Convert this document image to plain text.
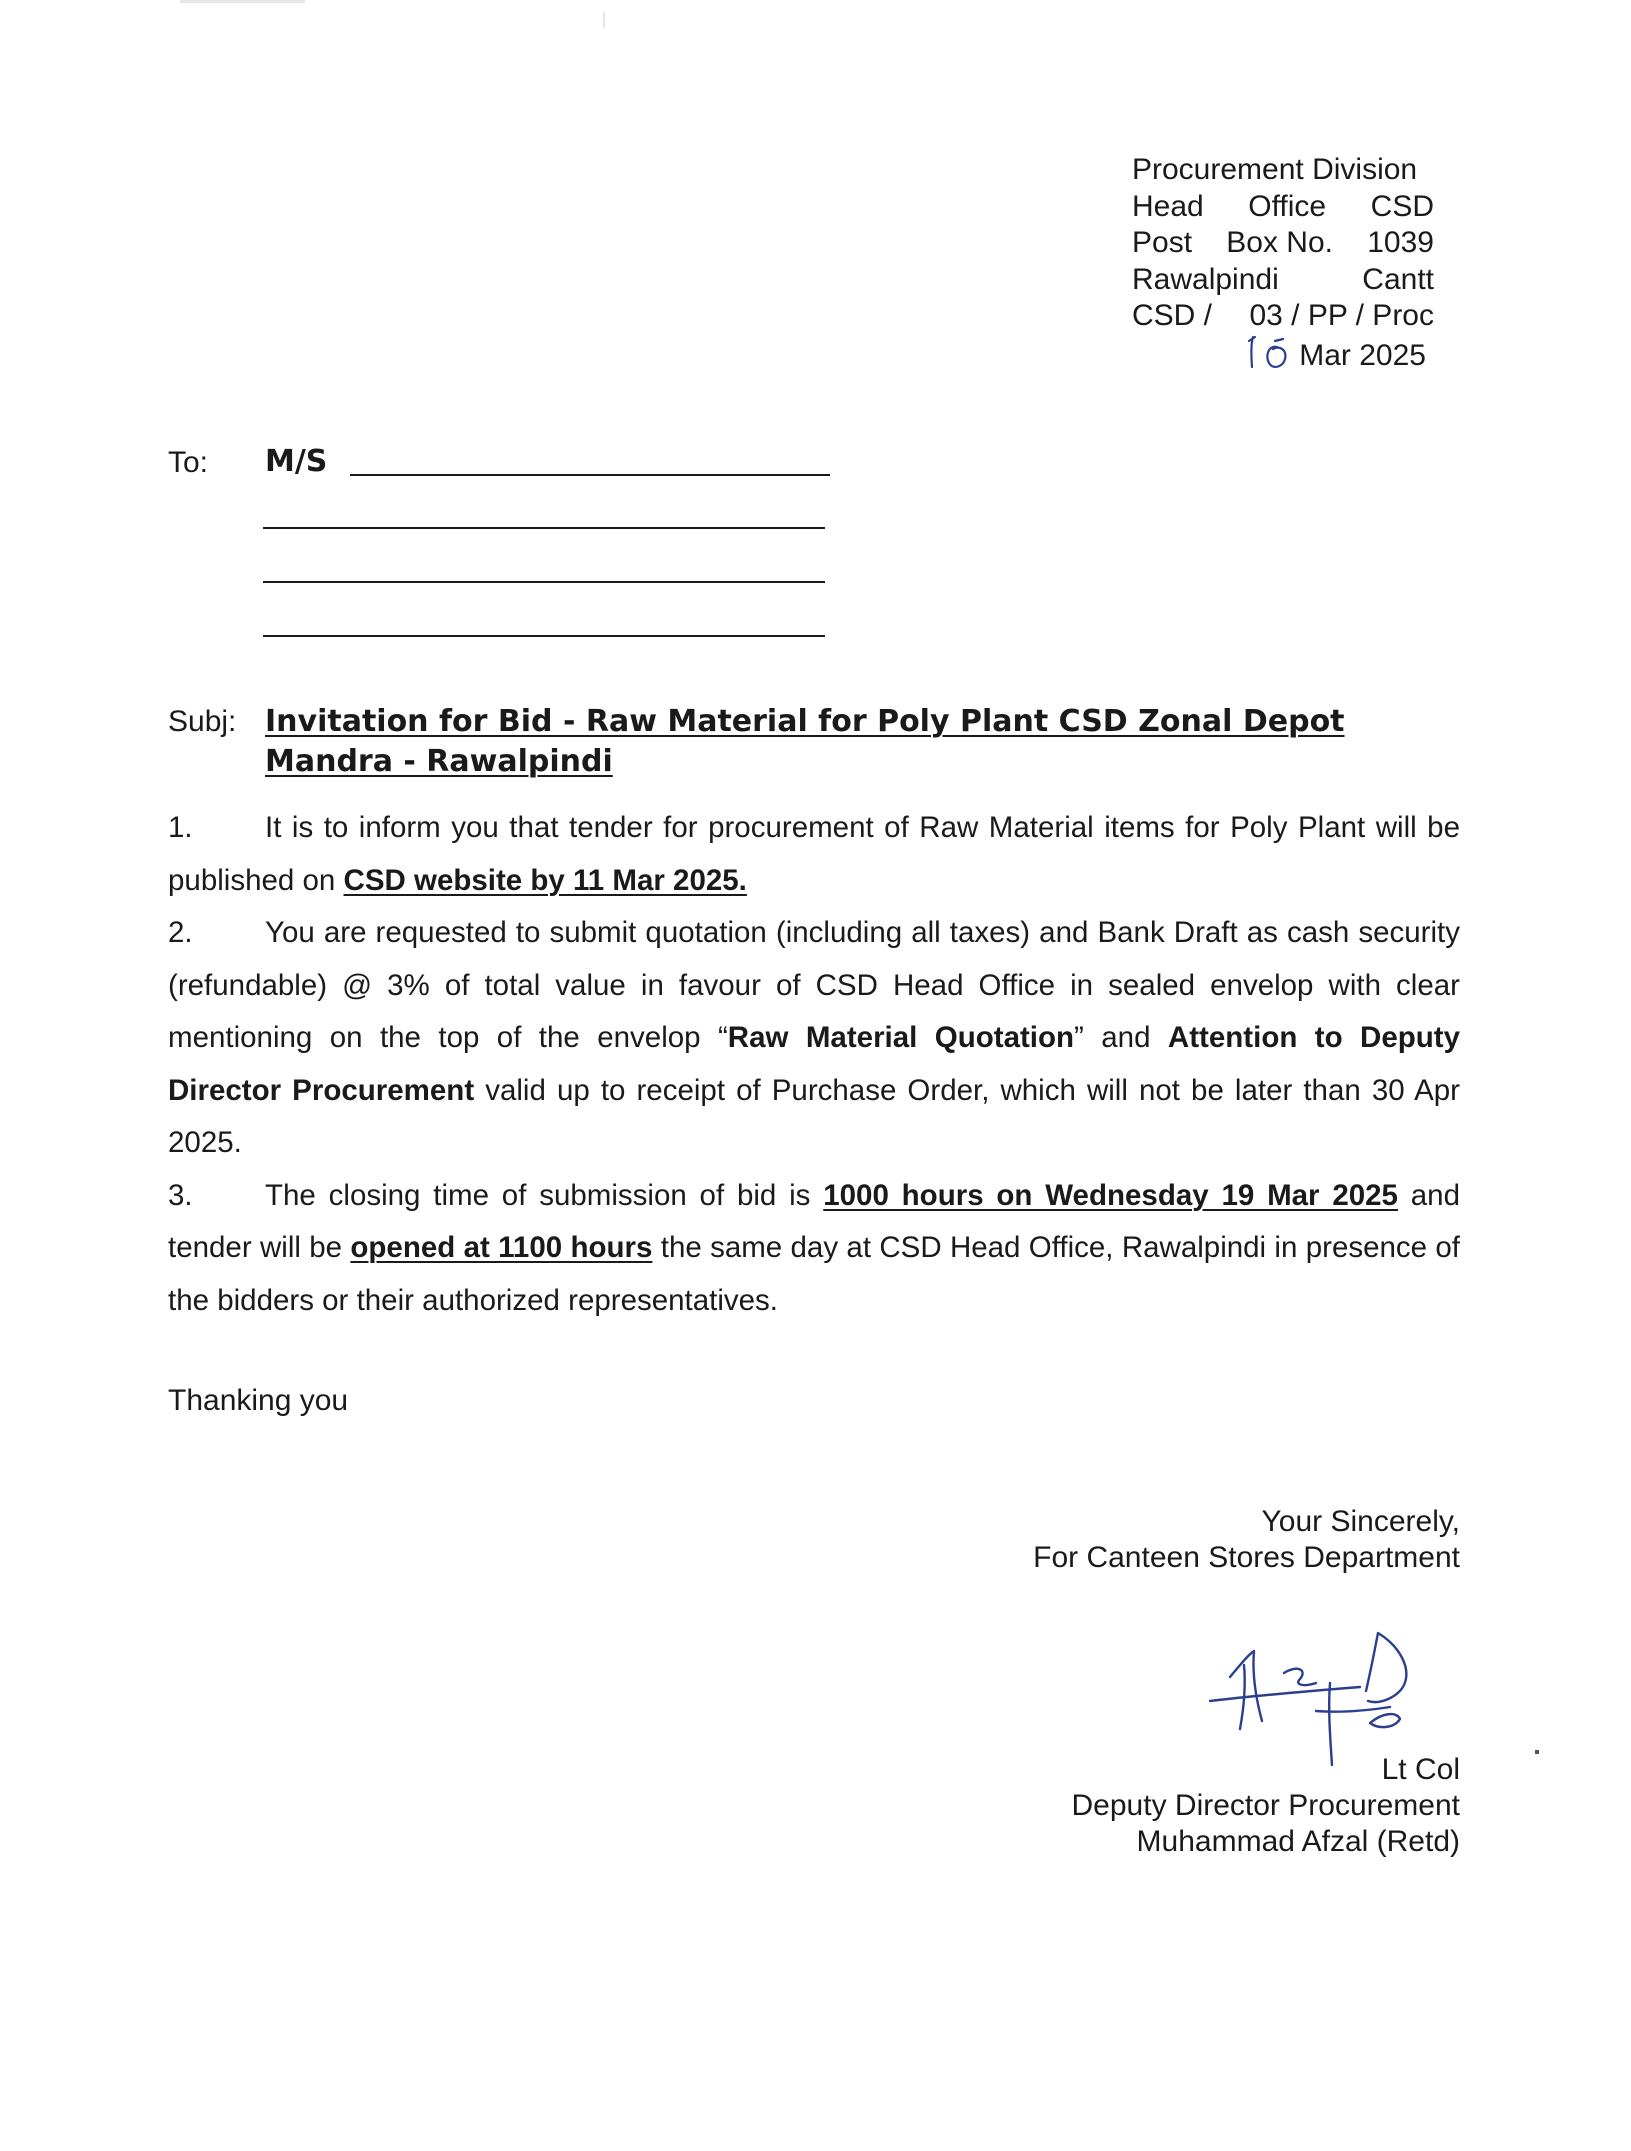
Procurement Division
Head Office CSD
Post Box No. 1039
Rawalpindi	Cantt
CSD / 03 / PP / Proc
Mar 2025
To: M/S
Subj: Invitation for Bid - Raw Material for Poly Plant CSD Zonal Depot Mandra - Rawalpindi

1. It is to inform you that tender for procurement of Raw Material items for Poly Plant will be published on CSD website by 11 Mar 2025.

2. You are requested to submit quotation (including all taxes) and Bank Draft as cash security (refundable) @ 3% of total value in favour of CSD Head Office in sealed envelop with clear mentioning on the top of the envelop “Raw Material Quotation” and Attention to Deputy Director Procurement valid up to receipt of Purchase Order, which will not be later than 30 Apr 2025.

3. The closing time of submission of bid is 1000 hours on Wednesday 19 Mar 2025 and tender will be opened at 1100 hours the same day at CSD Head Office, Rawalpindi in presence of the bidders or their authorized representatives.

Thanking you
Your Sincerely,
For Canteen Stores Department
Lt Col
Deputy Director Procurement
Muhammad Afzal (Retd)
